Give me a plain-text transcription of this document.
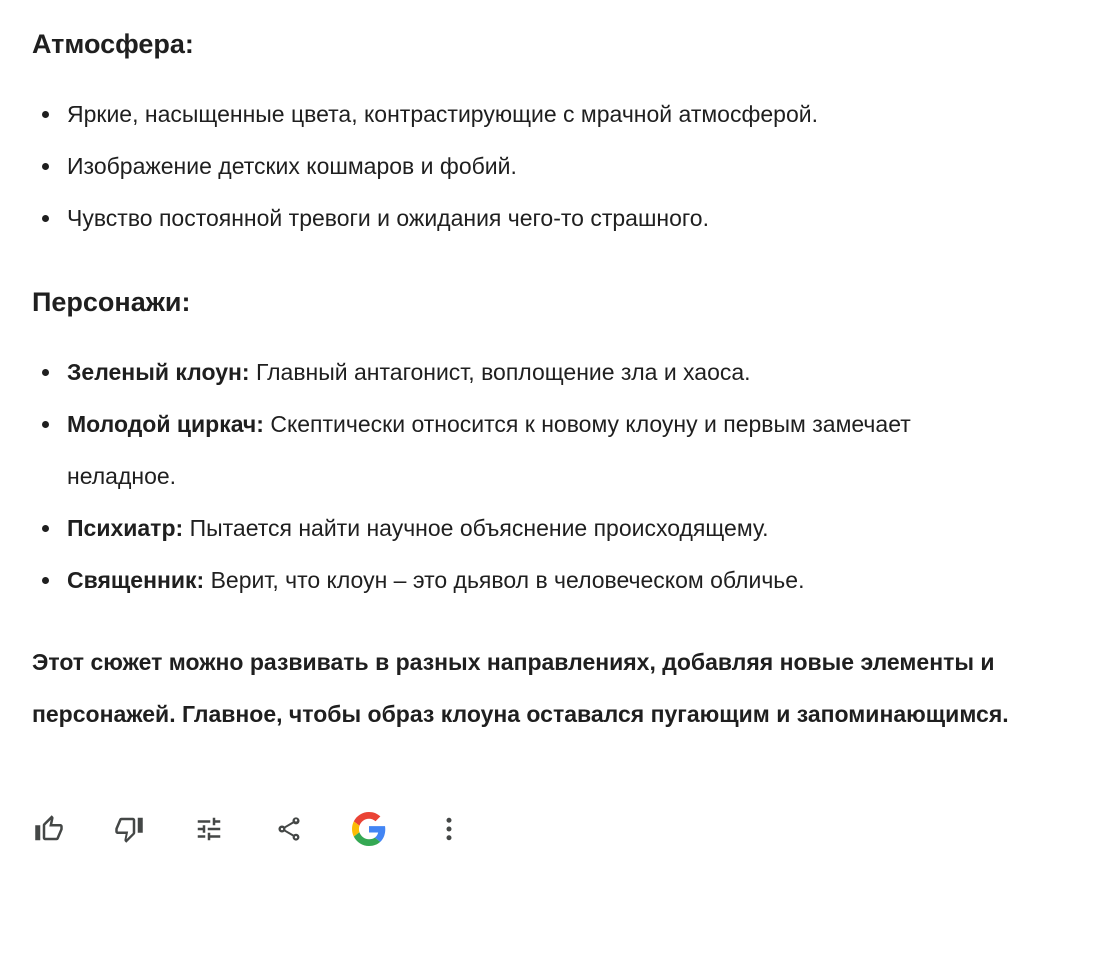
Атмосфера:
• Яркие, насыщенные цвета, контрастирующие с мрачной атмосферой.
• Изображение детских кошмаров и фобий.
• Чувство постоянной тревоги и ожидания чего-то страшного.
Персонажи:
• Зеленый клоун: Главный антагонист, воплощение зла и хаоса.
• Молодой циркач: Скептически относится к новому клоуну и первым замечает неладное.
• Психиатр: Пытается найти научное объяснение происходящему.
• Священник: Верит, что клоун – это дьявол в человеческом обличье.

Этот сюжет можно развивать в разных направлениях, добавляя новые элементы и персонажей. Главное, чтобы образ клоуна оставался пугающим и запоминающимся.
